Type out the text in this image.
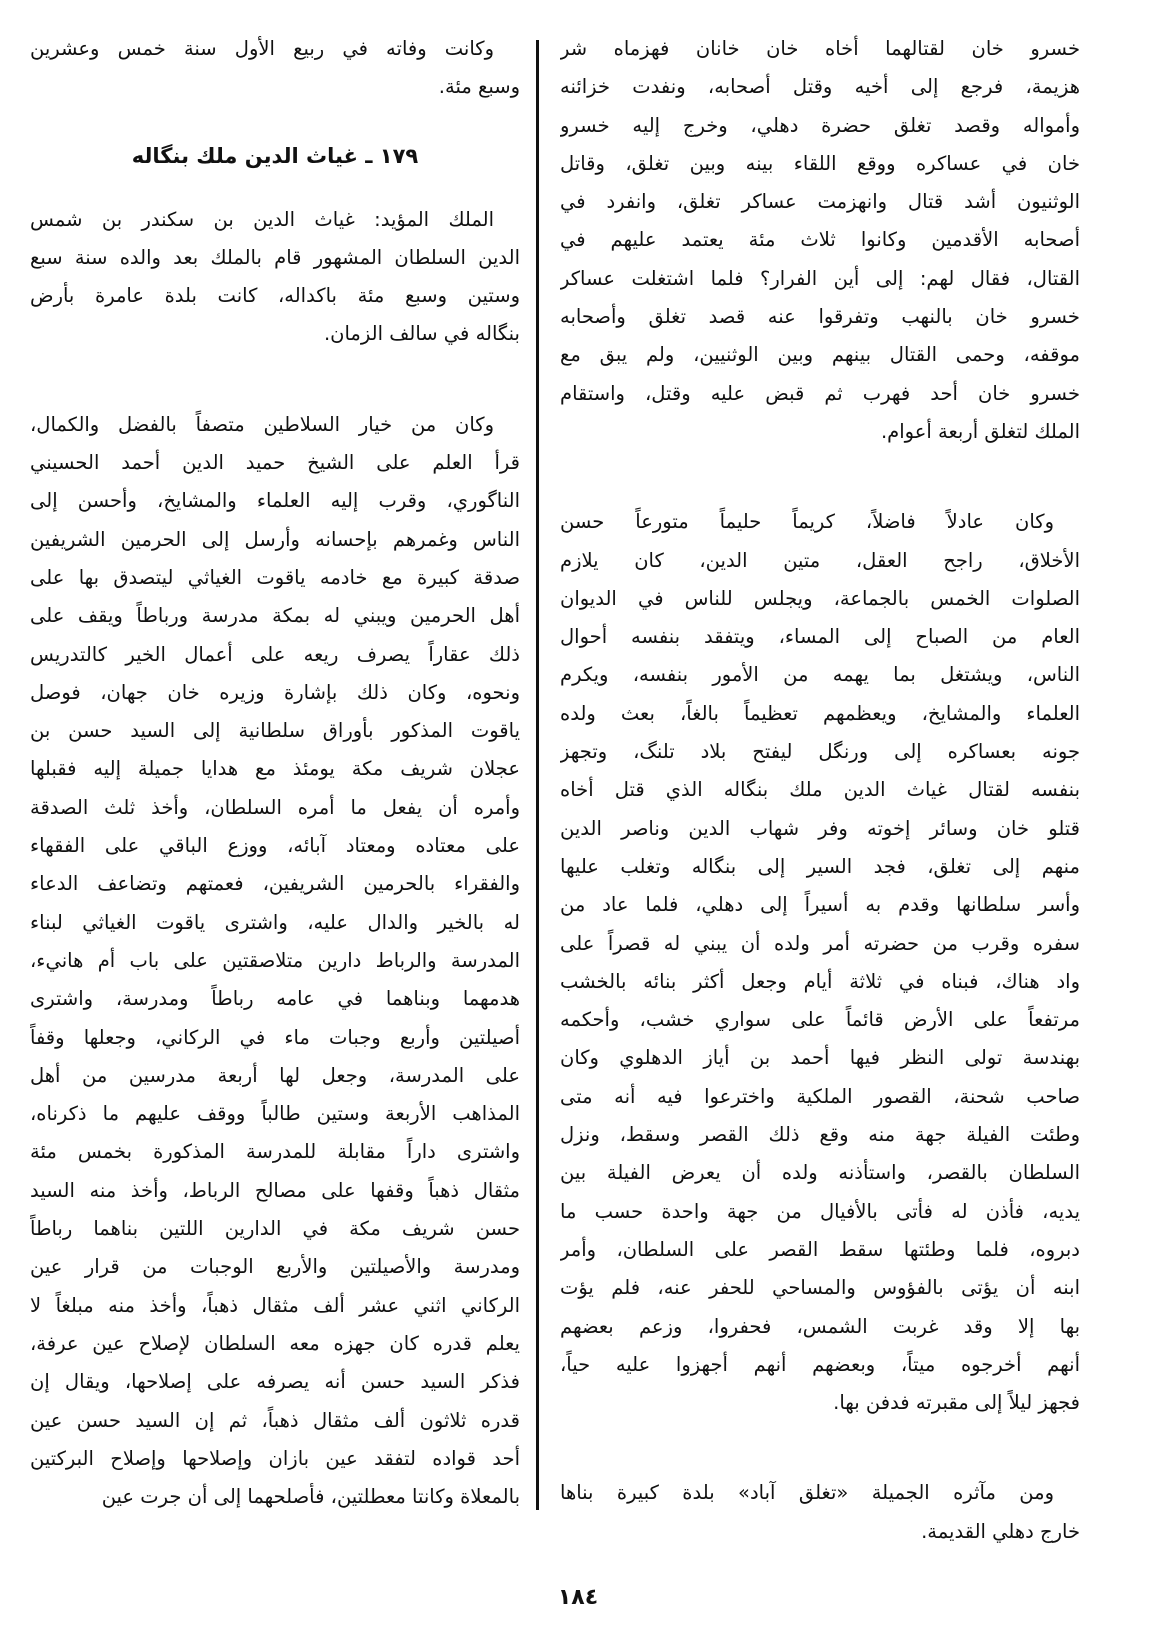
خسرو خان لقتالهما أخاه خان خانان فهزماه شر
هزيمة، فرجع إلى أخيه وقتل أصحابه، ونفدت خزائنه
وأمواله وقصد تغلق حضرة دهلي، وخرج إليه خسرو
خان في عساكره ووقع اللقاء بينه وبين تغلق، وقاتل
الوثنيون أشد قتال وانهزمت عساكر تغلق، وانفرد في
أصحابه الأقدمين وكانوا ثلاث مئة يعتمد عليهم في
القتال، فقال لهم: إلى أين الفرار؟ فلما اشتغلت عساكر
خسرو خان بالنهب وتفرقوا عنه قصد تغلق وأصحابه
موقفه، وحمى القتال بينهم وبين الوثنيين، ولم يبق مع
خسرو خان أحد فهرب ثم قبض عليه وقتل، واستقام
الملك لتغلق أربعة أعوام.
وكان عادلاً فاضلاً، كريماً حليماً متورعاً حسن
الأخلاق، راجح العقل، متين الدين، كان يلازم
الصلوات الخمس بالجماعة، ويجلس للناس في الديوان
العام من الصباح إلى المساء، ويتفقد بنفسه أحوال
الناس، ويشتغل بما يهمه من الأمور بنفسه، ويكرم
العلماء والمشايخ، ويعظمهم تعظيماً بالغاً، بعث ولده
جونه بعساكره إلى ورنگل ليفتح بلاد تلنگ، وتجهز
بنفسه لقتال غياث الدين ملك بنگاله الذي قتل أخاه
قتلو خان وسائر إخوته وفر شهاب الدين وناصر الدين
منهم إلى تغلق، فجد السير إلى بنگاله وتغلب عليها
وأسر سلطانها وقدم به أسيراً إلى دهلي، فلما عاد من
سفره وقرب من حضرته أمر ولده أن يبني له قصراً على
واد هناك، فبناه في ثلاثة أيام وجعل أكثر بنائه بالخشب
مرتفعاً على الأرض قائماً على سواري خشب، وأحكمه
بهندسة تولى النظر فيها أحمد بن أياز الدهلوي وكان
صاحب شحنة، القصور الملكية واخترعوا فيه أنه متى
وطئت الفيلة جهة منه وقع ذلك القصر وسقط، ونزل
السلطان بالقصر، واستأذنه ولده أن يعرض الفيلة بين
يديه، فأذن له فأتى بالأفيال من جهة واحدة حسب ما
دبروه، فلما وطئتها سقط القصر على السلطان، وأمر
ابنه أن يؤتى بالفؤوس والمساحي للحفر عنه، فلم يؤت
بها إلا وقد غربت الشمس، فحفروا، وزعم بعضهم
أنهم أخرجوه ميتاً، وبعضهم أنهم أجهزوا عليه حياً،
فجهز ليلاً إلى مقبرته فدفن بها.
ومن مآثره الجميلة «تغلق آباد» بلدة كبيرة بناها
خارج دهلي القديمة.
وكانت وفاته في ربيع الأول سنة خمس وعشرين
وسبع مئة.
١٧٩ ـ غياث الدين ملك بنگاله
الملك المؤيد: غياث الدين بن سكندر بن شمس
الدين السلطان المشهور قام بالملك بعد والده سنة سبع
وستين وسبع مئة باكداله، كانت بلدة عامرة بأرض
بنگاله في سالف الزمان.
وكان من خيار السلاطين متصفاً بالفضل والكمال،
قرأ العلم على الشيخ حميد الدين أحمد الحسيني
الناگوري، وقرب إليه العلماء والمشايخ، وأحسن إلى
الناس وغمرهم بإحسانه وأرسل إلى الحرمين الشريفين
صدقة كبيرة مع خادمه ياقوت الغياثي ليتصدق بها على
أهل الحرمين ويبني له بمكة مدرسة ورباطاً ويقف على
ذلك عقاراً يصرف ريعه على أعمال الخير كالتدريس
ونحوه، وكان ذلك بإشارة وزيره خان جهان، فوصل
ياقوت المذكور بأوراق سلطانية إلى السيد حسن بن
عجلان شريف مكة يومئذ مع هدايا جميلة إليه فقبلها
وأمره أن يفعل ما أمره السلطان، وأخذ ثلث الصدقة
على معتاده ومعتاد آبائه، ووزع الباقي على الفقهاء
والفقراء بالحرمين الشريفين، فعمتهم وتضاعف الدعاء
له بالخير والدال عليه، واشترى ياقوت الغياثي لبناء
المدرسة والرباط دارين متلاصقتين على باب أم هانيء،
هدمهما وبناهما في عامه رباطاً ومدرسة، واشترى
أصيلتين وأربع وجبات ماء في الركاني، وجعلها وقفاً
على المدرسة، وجعل لها أربعة مدرسين من أهل
المذاهب الأربعة وستين طالباً ووقف عليهم ما ذكرناه،
واشترى داراً مقابلة للمدرسة المذكورة بخمس مئة
مثقال ذهباً وقفها على مصالح الرباط، وأخذ منه السيد
حسن شريف مكة في الدارين اللتين بناهما رباطاً
ومدرسة والأصيلتين والأربع الوجبات من قرار عين
الركاني اثني عشر ألف مثقال ذهباً، وأخذ منه مبلغاً لا
يعلم قدره كان جهزه معه السلطان لإصلاح عين عرفة،
فذكر السيد حسن أنه يصرفه على إصلاحها، ويقال إن
قدره ثلاثون ألف مثقال ذهباً، ثم إن السيد حسن عين
أحد قواده لتفقد عين بازان وإصلاحها وإصلاح البركتين
بالمعلاة وكانتا معطلتين، فأصلحهما إلى أن جرت عين
١٨٤
